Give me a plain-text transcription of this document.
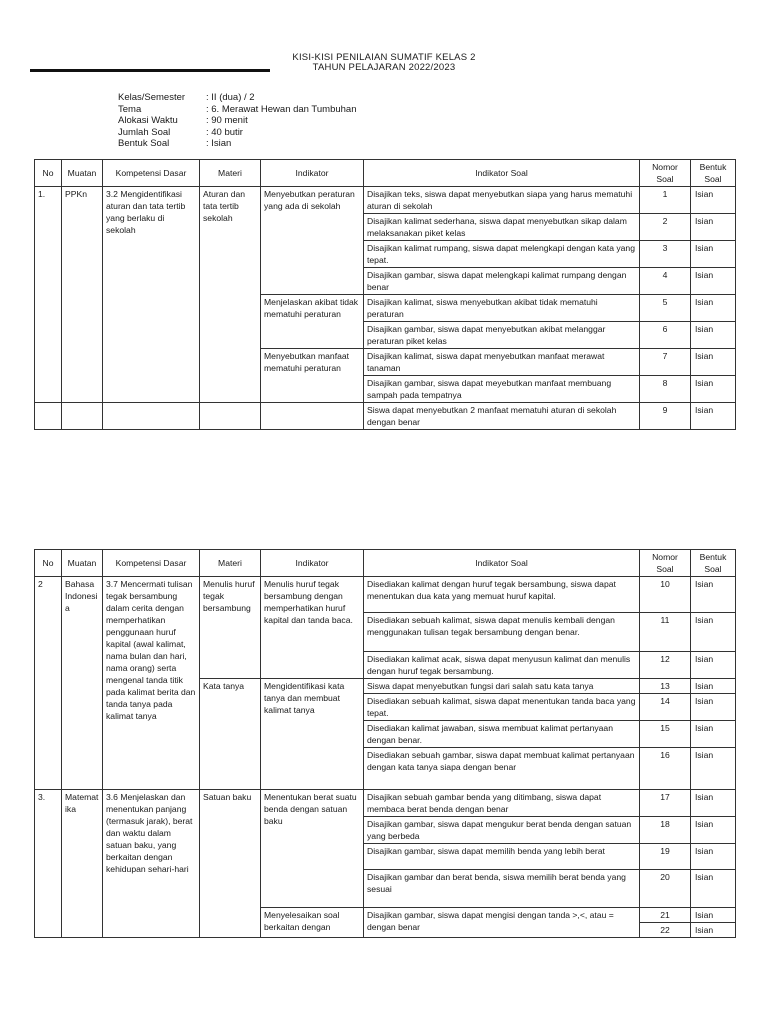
KISI-KISI PENILAIAN SUMATIF KELAS 2
TAHUN PELAJARAN 2022/2023
Kelas/Semester	: II (dua) / 2
Tema	: 6. Merawat Hewan dan Tumbuhan
Alokasi Waktu	: 90 menit
Jumlah Soal	: 40 butir
Bentuk Soal	: Isian
No	Muatan	Kompetensi Dasar	Materi	Indikator	Indikator Soal	Nomor Soal	Bentuk Soal
1.	PPKn	3.2 Mengidentifikasi aturan dan tata tertib yang berlaku di sekolah	Aturan dan tata tertib sekolah	Menyebutkan peraturan yang ada di sekolah	Disajikan teks, siswa dapat menyebutkan siapa yang harus mematuhi aturan di sekolah	1	Isian
					Disajikan kalimat sederhana, siswa dapat menyebutkan sikap dalam melaksanakan piket kelas	2	Isian
					Disajikan kalimat rumpang, siswa dapat melengkapi dengan kata yang tepat.	3	Isian
					Disajikan gambar, siswa dapat melengkapi kalimat rumpang dengan benar	4	Isian
				Menjelaskan akibat tidak mematuhi peraturan	Disajikan kalimat, siswa menyebutkan akibat tidak mematuhi peraturan	5	Isian
					Disajikan gambar, siswa dapat menyebutkan akibat melanggar peraturan piket kelas	6	Isian
				Menyebutkan manfaat mematuhi peraturan	Disajikan kalimat, siswa dapat menyebutkan manfaat merawat tanaman	7	Isian
					Disajikan gambar, siswa dapat meyebutkan manfaat membuang sampah pada tempatnya	8	Isian
					Siswa dapat menyebutkan 2 manfaat mematuhi aturan di sekolah dengan benar	9	Isian
No	Muatan	Kompetensi Dasar	Materi	Indikator	Indikator Soal	Nomor Soal	Bentuk Soal
2	Bahasa Indonesia	3.7 Mencermati tulisan tegak bersambung dalam cerita dengan memperhatikan penggunaan huruf kapital (awal kalimat, nama bulan dan hari, nama orang) serta mengenal tanda titik pada kalimat berita dan tanda tanya pada kalimat tanya	Menulis huruf tegak bersambung	Menulis huruf tegak bersambung dengan memperhatikan huruf kapital dan tanda baca.	Disediakan kalimat dengan huruf tegak bersambung, siswa dapat menentukan dua kata yang memuat huruf kapital.	10	Isian
					Disediakan sebuah kalimat, siswa dapat menulis kembali dengan menggunakan tulisan tegak bersambung dengan benar.	11	Isian
					Disediakan kalimat acak, siswa dapat menyusun kalimat dan menulis dengan huruf tegak bersambung.	12	Isian
			Kata tanya	Mengidentifikasi kata tanya dan membuat kalimat tanya	Siswa dapat menyebutkan fungsi dari salah satu kata tanya	13	Isian
					Disediakan sebuah kalimat, siswa dapat menentukan tanda baca yang tepat.	14	Isian
					Disediakan kalimat jawaban, siswa membuat kalimat pertanyaan dengan benar.	15	Isian
					Disediakan sebuah gambar, siswa dapat membuat kalimat pertanyaan dengan kata tanya siapa dengan benar	16	Isian
3.	Matematika	3.6 Menjelaskan dan menentukan panjang (termasuk jarak), berat dan waktu dalam satuan baku, yang berkaitan dengan kehidupan sehari-hari	Satuan baku	Menentukan berat suatu benda dengan satuan baku	Disajikan sebuah gambar benda yang ditimbang, siswa dapat membaca berat benda dengan benar	17	Isian
					Disajikan gambar, siswa dapat mengukur berat benda dengan satuan yang berbeda	18	Isian
					Disajikan gambar, siswa dapat memilih benda yang lebih berat	19	Isian
					Disajikan gambar dan berat benda, siswa memilih berat benda yang sesuai	20	Isian
				Menyelesaikan soal berkaitan dengan	Disajikan gambar, siswa dapat mengisi dengan tanda >,<, atau = dengan benar	21	Isian
						22	Isian
